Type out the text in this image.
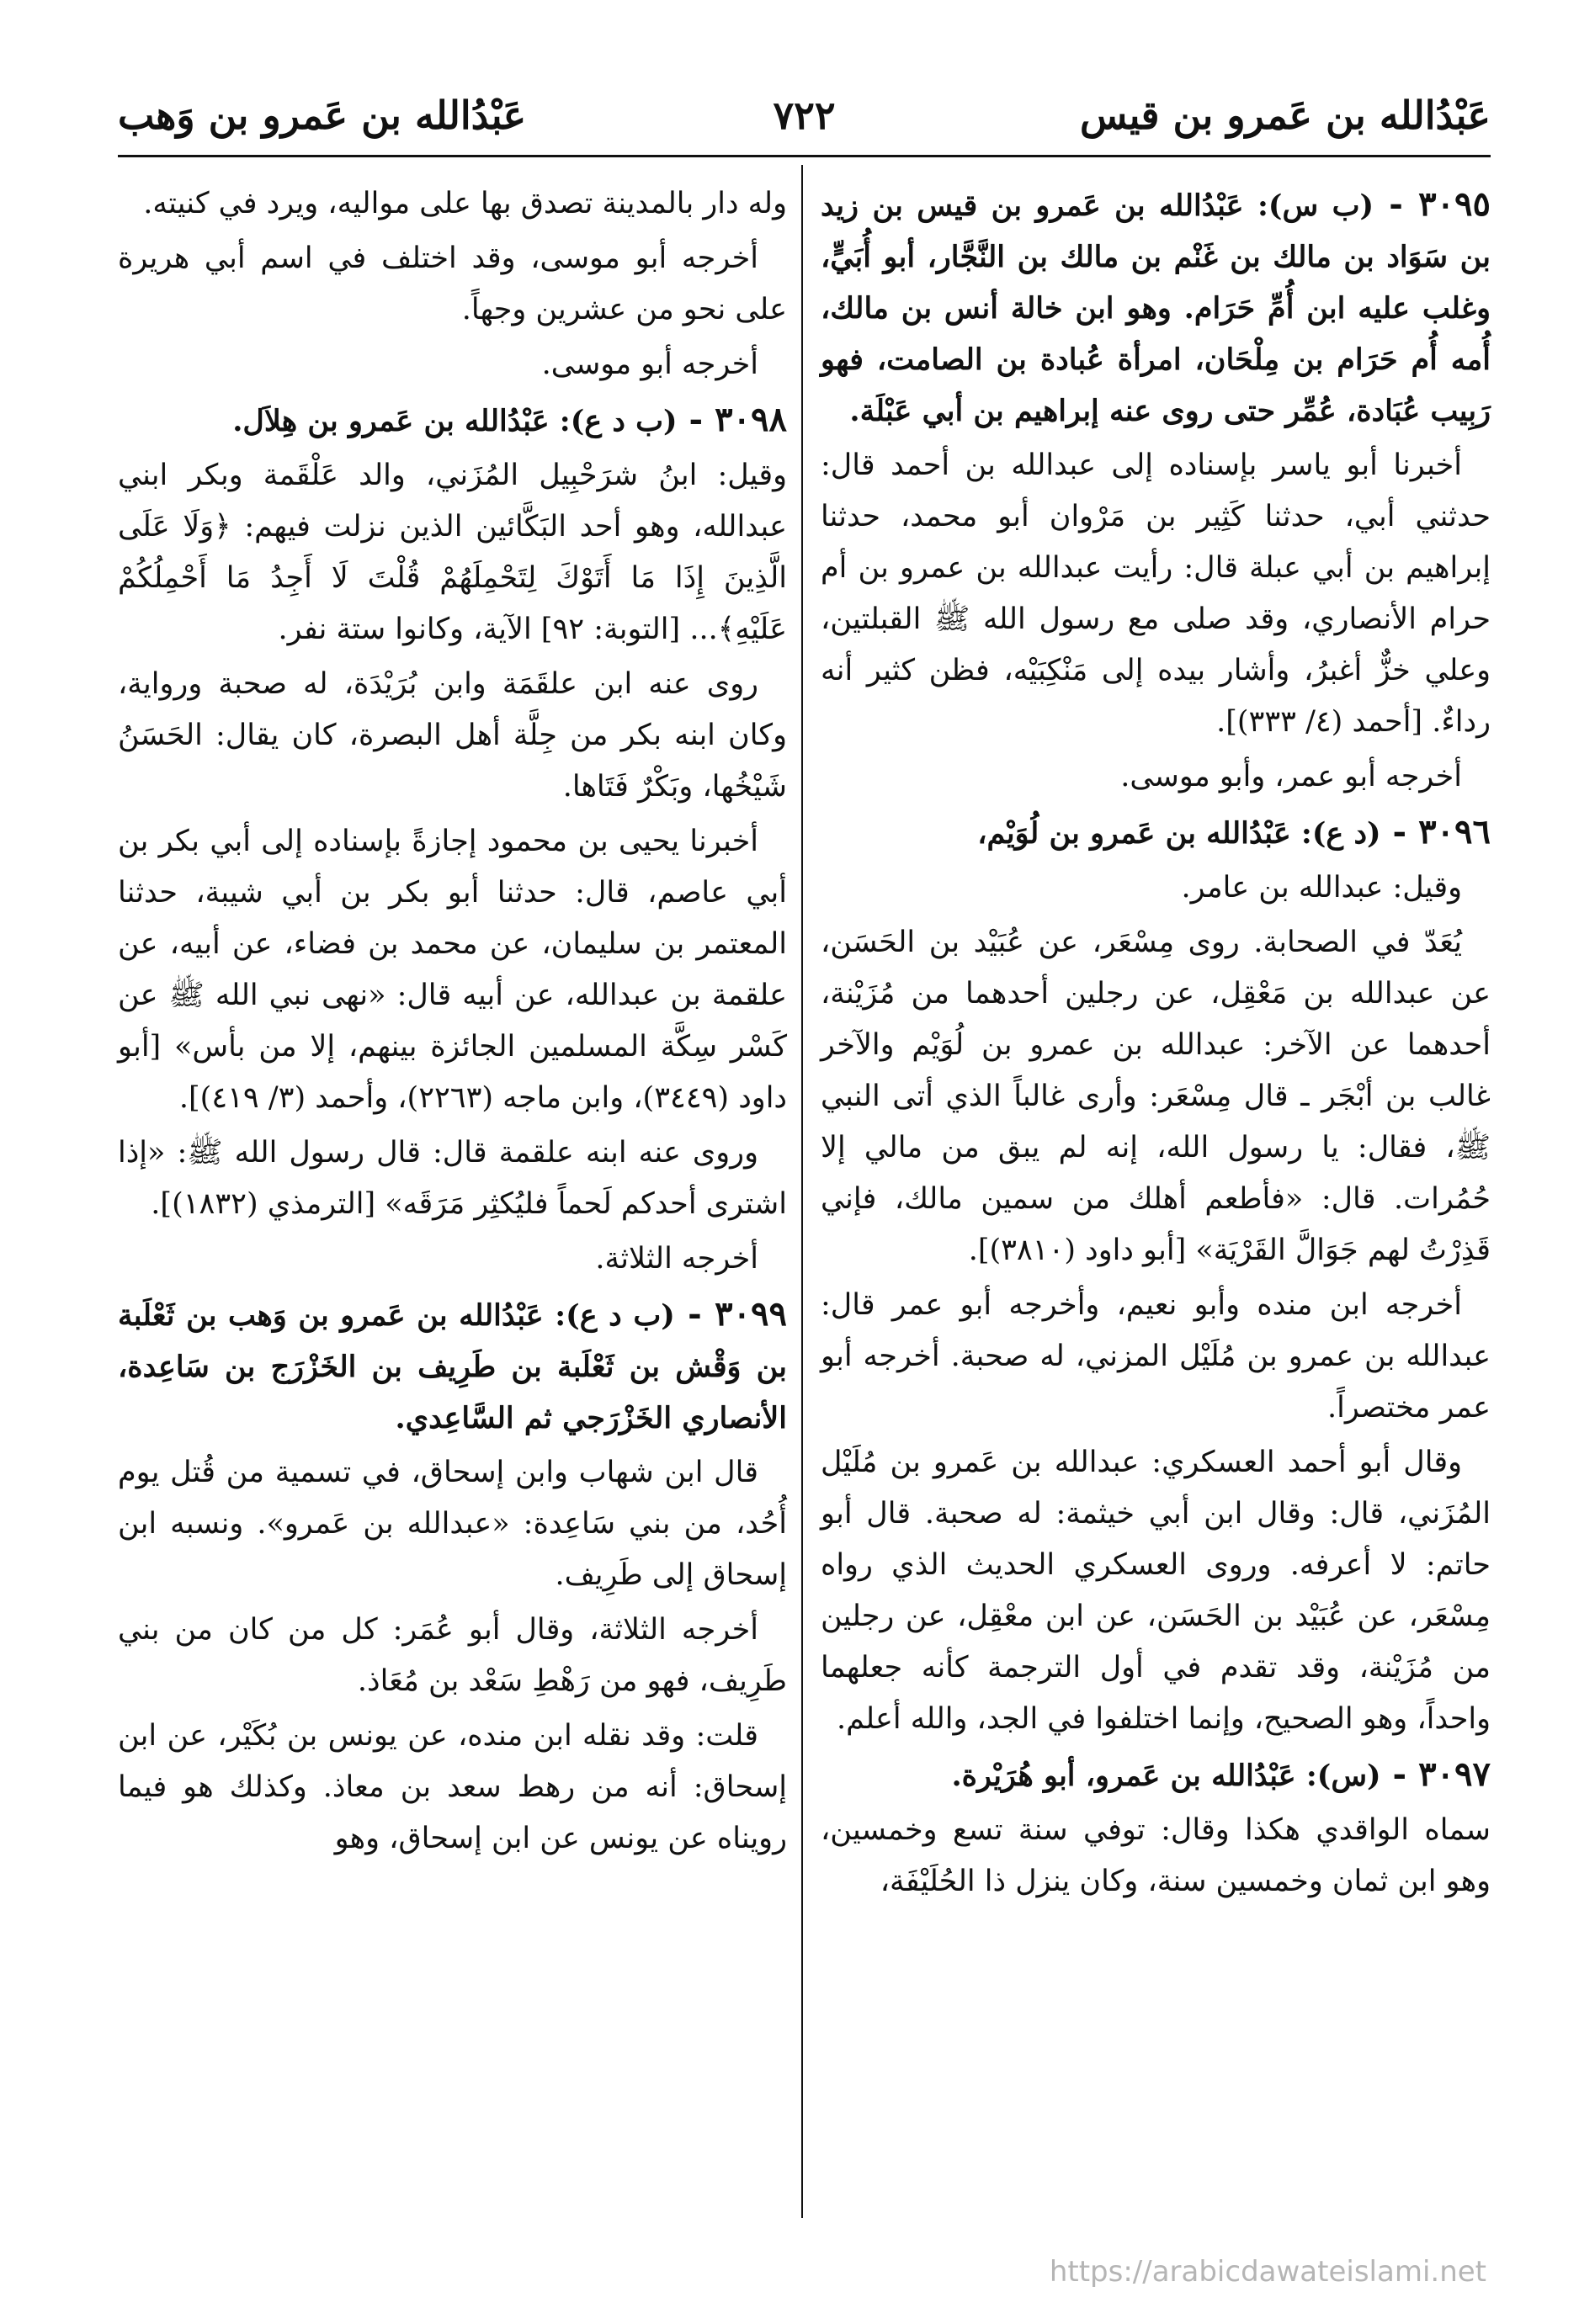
عَبْدُالله بن عَمرو بن قيس
٧٢٢
عَبْدُالله بن عَمرو بن وَهب

٣٠٩٥ - (ب س): عَبْدُالله بن عَمرو بن قيس بن زيد بن سَوَاد بن مالك بن غَنْم بن مالك بن النَّجَّار، أبو أُبَيٍّ، وغلب عليه ابن أُمِّ حَرَام. وهو ابن خالة أنس بن مالك، أُمه أُم حَرَام بن مِلْحَان، امرأة عُبادة بن الصامت، فهو رَبِيب عُبَادة، عُمِّر حتى روى عنه إبراهيم بن أبي عَبْلَة.

أخبرنا أبو ياسر بإسناده إلى عبدالله بن أحمد قال: حدثني أبي، حدثنا كَثِير بن مَرْوان أبو محمد، حدثنا إبراهيم بن أبي عبلة قال: رأيت عبدالله بن عمرو بن أم حرام الأنصاري، وقد صلى مع رسول الله ﷺ القبلتين، وعلي خزٌّ أغبرُ، وأشار بيده إلى مَنْكِبَيْه، فظن كثير أنه رداءٌ. [أحمد (٤/ ٣٣٣)].

أخرجه أبو عمر، وأبو موسى.

٣٠٩٦ - (د ع): عَبْدُالله بن عَمرو بن لُوَيْم،

وقيل: عبدالله بن عامر.

يُعَدّ في الصحابة. روى مِسْعَر، عن عُبَيْد بن الحَسَن، عن عبدالله بن مَعْقِل، عن رجلين أحدهما من مُزَيْنة، أحدهما عن الآخر: عبدالله بن عمرو بن لُوَيْم والآخر غالب بن أبْجَر ـ قال مِسْعَر: وأرى غالباً الذي أتى النبي ﷺ، فقال: يا رسول الله، إنه لم يبق من مالي إلا حُمُرات. قال: «فأطعم أهلك من سمين مالك، فإني قَذِرْتُ لهم جَوَالَّ القَرْيَة» [أبو داود (٣٨١٠)].

أخرجه ابن منده وأبو نعيم، وأخرجه أبو عمر قال: عبدالله بن عمرو بن مُلَيْل المزني، له صحبة. أخرجه أبو عمر مختصراً.

وقال أبو أحمد العسكري: عبدالله بن عَمرو بن مُلَيْل المُزَني، قال: وقال ابن أبي خيثمة: له صحبة. قال أبو حاتم: لا أعرفه. وروى العسكري الحديث الذي رواه مِسْعَر، عن عُبَيْد بن الحَسَن، عن ابن معْقِل، عن رجلين من مُزَيْنة، وقد تقدم في أول الترجمة كأنه جعلهما واحداً، وهو الصحيح، وإنما اختلفوا في الجد، والله أعلم.

٣٠٩٧ - (س): عَبْدُالله بن عَمرو، أبو هُرَيْرة.

سماه الواقدي هكذا وقال: توفي سنة تسع وخمسين، وهو ابن ثمان وخمسين سنة، وكان ينزل ذا الحُلَيْفَة،

وله دار بالمدينة تصدق بها على مواليه، ويرد في كنيته.

أخرجه أبو موسى، وقد اختلف في اسم أبي هريرة على نحو من عشرين وجهاً.

أخرجه أبو موسى.

٣٠٩٨ - (ب د ع): عَبْدُالله بن عَمرو بن هِلاَل.

وقيل: ابنُ شرَحْبِيل المُزَني، والد عَلْقَمة وبكر ابني عبدالله، وهو أحد البَكَّائين الذين نزلت فيهم: ﴿وَلَا عَلَى الَّذِينَ إِذَا مَا أَتَوْكَ لِتَحْمِلَهُمْ قُلْتَ لَا أَجِدُ مَا أَحْمِلُكُمْ عَلَيْهِ﴾... [التوبة: ٩٢] الآية، وكانوا ستة نفر.

روى عنه ابن علقَمَة وابن بُرَيْدَة، له صحبة ورواية، وكان ابنه بكر من جِلَّة أهل البصرة، كان يقال: الحَسَنُ شَيْخُها، وبَكْرٌ فَتَاها.

أخبرنا يحيى بن محمود إجازةً بإسناده إلى أبي بكر بن أبي عاصم، قال: حدثنا أبو بكر بن أبي شيبة، حدثنا المعتمر بن سليمان، عن محمد بن فضاء، عن أبيه، عن علقمة بن عبدالله، عن أبيه قال: «نهى نبي الله ﷺ عن كَسْر سِكَّة المسلمين الجائزة بينهم، إلا من بأس» [أبو داود (٣٤٤٩)، وابن ماجه (٢٢٦٣)، وأحمد (٣/ ٤١٩)].

وروى عنه ابنه علقمة قال: قال رسول الله ﷺ: «إذا اشترى أحدكم لَحماً فليُكثِر مَرَقَه» [الترمذي (١٨٣٢)].

أخرجه الثلاثة.

٣٠٩٩ - (ب د ع): عَبْدُالله بن عَمرو بن وَهب بن ثَعْلَبة بن وَقْش بن ثَعْلَبة بن طَرِيف بن الخَزْرَج بن سَاعِدة، الأنصاري الخَزْرَجي ثم السَّاعِدي.

قال ابن شهاب وابن إسحاق، في تسمية من قُتل يوم أُحُد، من بني سَاعِدة: «عبدالله بن عَمرو». ونسبه ابن إسحاق إلى طَرِيف.

أخرجه الثلاثة، وقال أبو عُمَر: كل من كان من بني طَرِيف، فهو من رَهْطِ سَعْد بن مُعَاذ.

قلت: وقد نقله ابن منده، عن يونس بن بُكَيْر، عن ابن إسحاق: أنه من رهط سعد بن معاذ. وكذلك هو فيما رويناه عن يونس عن ابن إسحاق، وهو

https://arabicdawateislami.net
